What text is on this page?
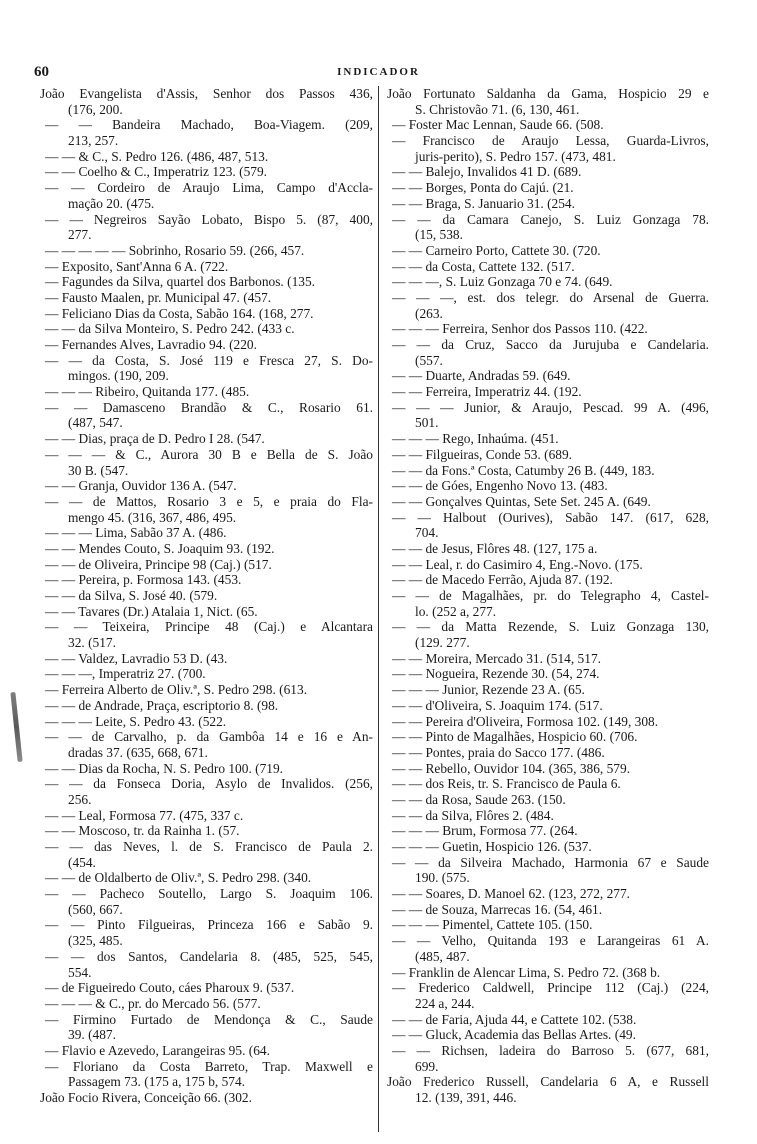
60	INDICADOR
João Evangelista d'Assis, Senhor dos Passos 436,
(176, 200.
— — Bandeira Machado, Boa-Viagem. (209,
213, 257.
— — & C., S. Pedro 126. (486, 487, 513.
— — Coelho & C., Imperatriz 123. (579.
— — Cordeiro de Araujo Lima, Campo d'Accla-
mação 20. (475.
— — Negreiros Sayão Lobato, Bispo 5. (87, 400,
277.
— — — — — Sobrinho, Rosario 59. (266, 457.
— Exposito, Sant'Anna 6 A. (722.
— Fagundes da Silva, quartel dos Barbonos. (135.
— Fausto Maalen, pr. Municipal 47. (457.
— Feliciano Dias da Costa, Sabão 164. (168, 277.
— — da Silva Monteiro, S. Pedro 242. (433 c.
— Fernandes Alves, Lavradio 94. (220.
— — da Costa, S. José 119 e Fresca 27, S. Do-
mingos. (190, 209.
— — — Ribeiro, Quitanda 177. (485.
— — Damasceno Brandão & C., Rosario 61.
(487, 547.
— — Dias, praça de D. Pedro I 28. (547.
— — — & C., Aurora 30 B e Bella de S. João
30 B. (547.
— — Granja, Ouvidor 136 A. (547.
— — de Mattos, Rosario 3 e 5, e praia do Fla-
mengo 45. (316, 367, 486, 495.
— — — Lima, Sabão 37 A. (486.
— — Mendes Couto, S. Joaquim 93. (192.
— — de Oliveira, Principe 98 (Caj.) (517.
— — Pereira, p. Formosa 143. (453.
— — da Silva, S. José 40. (579.
— — Tavares (Dr.) Atalaia 1, Nict. (65.
— — Teixeira, Principe 48 (Caj.) e Alcantara
32. (517.
— — Valdez, Lavradio 53 D. (43.
— — —, Imperatriz 27. (700.
— Ferreira Alberto de Oliv.ª, S. Pedro 298. (613.
— — de Andrade, Praça, escriptorio 8. (98.
— — — Leite, S. Pedro 43. (522.
— — de Carvalho, p. da Gambôa 14 e 16 e An-
dradas 37. (635, 668, 671.
— — Dias da Rocha, N. S. Pedro 100. (719.
— — da Fonseca Doria, Asylo de Invalidos. (256,
256.
— — Leal, Formosa 77. (475, 337 c.
— — Moscoso, tr. da Rainha 1. (57.
— — das Neves, l. de S. Francisco de Paula 2.
(454.
— — de Oldalberto de Oliv.ª, S. Pedro 298. (340.
— — Pacheco Soutello, Largo S. Joaquim 106.
(560, 667.
— — Pinto Filgueiras, Princeza 166 e Sabão 9.
(325, 485.
— — dos Santos, Candelaria 8. (485, 525, 545,
554.
— de Figueiredo Couto, cáes Pharoux 9. (537.
— — — & C., pr. do Mercado 56. (577.
— Firmino Furtado de Mendonça & C., Saude
39. (487.
— Flavio e Azevedo, Larangeiras 95. (64.
— Floriano da Costa Barreto, Trap. Maxwell e
Passagem 73. (175 a, 175 b, 574.
João Focio Rivera, Conceição 66. (302.
João Fortunato Saldanha da Gama, Hospicio 29 e
S. Christovão 71. (6, 130, 461.
— Foster Mac Lennan, Saude 66. (508.
— Francisco de Araujo Lessa, Guarda-Livros,
juris-perito), S. Pedro 157. (473, 481.
— — Balejo, Invalidos 41 D. (689.
— — Borges, Ponta do Cajú. (21.
— — Braga, S. Januario 31. (254.
— — da Camara Canejo, S. Luiz Gonzaga 78.
(15, 538.
— — Carneiro Porto, Cattete 30. (720.
— — da Costa, Cattete 132. (517.
— — —, S. Luiz Gonzaga 70 e 74. (649.
— — —, est. dos telegr. do Arsenal de Guerra.
(263.
— — — Ferreira, Senhor dos Passos 110. (422.
— — da Cruz, Sacco da Jurujuba e Candelaria.
(557.
— — Duarte, Andradas 59. (649.
— — Ferreira, Imperatriz 44. (192.
— — — Junior, & Araujo, Pescad. 99 A. (496,
501.
— — — Rego, Inhaúma. (451.
— — Filgueiras, Conde 53. (689.
— — da Fons.ª Costa, Catumby 26 B. (449, 183.
— — de Góes, Engenho Novo 13. (483.
— — Gonçalves Quintas, Sete Set. 245 A. (649.
— — Halbout (Ourives), Sabão 147. (617, 628,
704.
— — de Jesus, Flôres 48. (127, 175 a.
— — Leal, r. do Casimiro 4, Eng.-Novo. (175.
— — de Macedo Ferrão, Ajuda 87. (192.
— — de Magalhães, pr. do Telegrapho 4, Castel-
lo. (252 a, 277.
— — da Matta Rezende, S. Luiz Gonzaga 130,
(129. 277.
— — Moreira, Mercado 31. (514, 517.
— — Nogueira, Rezende 30. (54, 274.
— — — Junior, Rezende 23 A. (65.
— — d'Oliveira, S. Joaquim 174. (517.
— — Pereira d'Oliveira, Formosa 102. (149, 308.
— — Pinto de Magalhães, Hospicio 60. (706.
— — Pontes, praia do Sacco 177. (486.
— — Rebello, Ouvidor 104. (365, 386, 579.
— — dos Reis, tr. S. Francisco de Paula 6.
— — da Rosa, Saude 263. (150.
— — da Silva, Flôres 2. (484.
— — — Brum, Formosa 77. (264.
— — — Guetin, Hospicio 126. (537.
— — da Silveira Machado, Harmonia 67 e Saude
190. (575.
— — Soares, D. Manoel 62. (123, 272, 277.
— — de Souza, Marrecas 16. (54, 461.
— — — Pimentel, Cattete 105. (150.
— — Velho, Quitanda 193 e Larangeiras 61 A.
(485, 487.
— Franklin de Alencar Lima, S. Pedro 72. (368 b.
— Frederico Caldwell, Principe 112 (Caj.) (224,
224 a, 244.
— — de Faria, Ajuda 44, e Cattete 102. (538.
— — Gluck, Academia das Bellas Artes. (49.
— — Richsen, ladeira do Barroso 5. (677, 681,
699.
João Frederico Russell, Candelaria 6 A, e Russell
12. (139, 391, 446.
